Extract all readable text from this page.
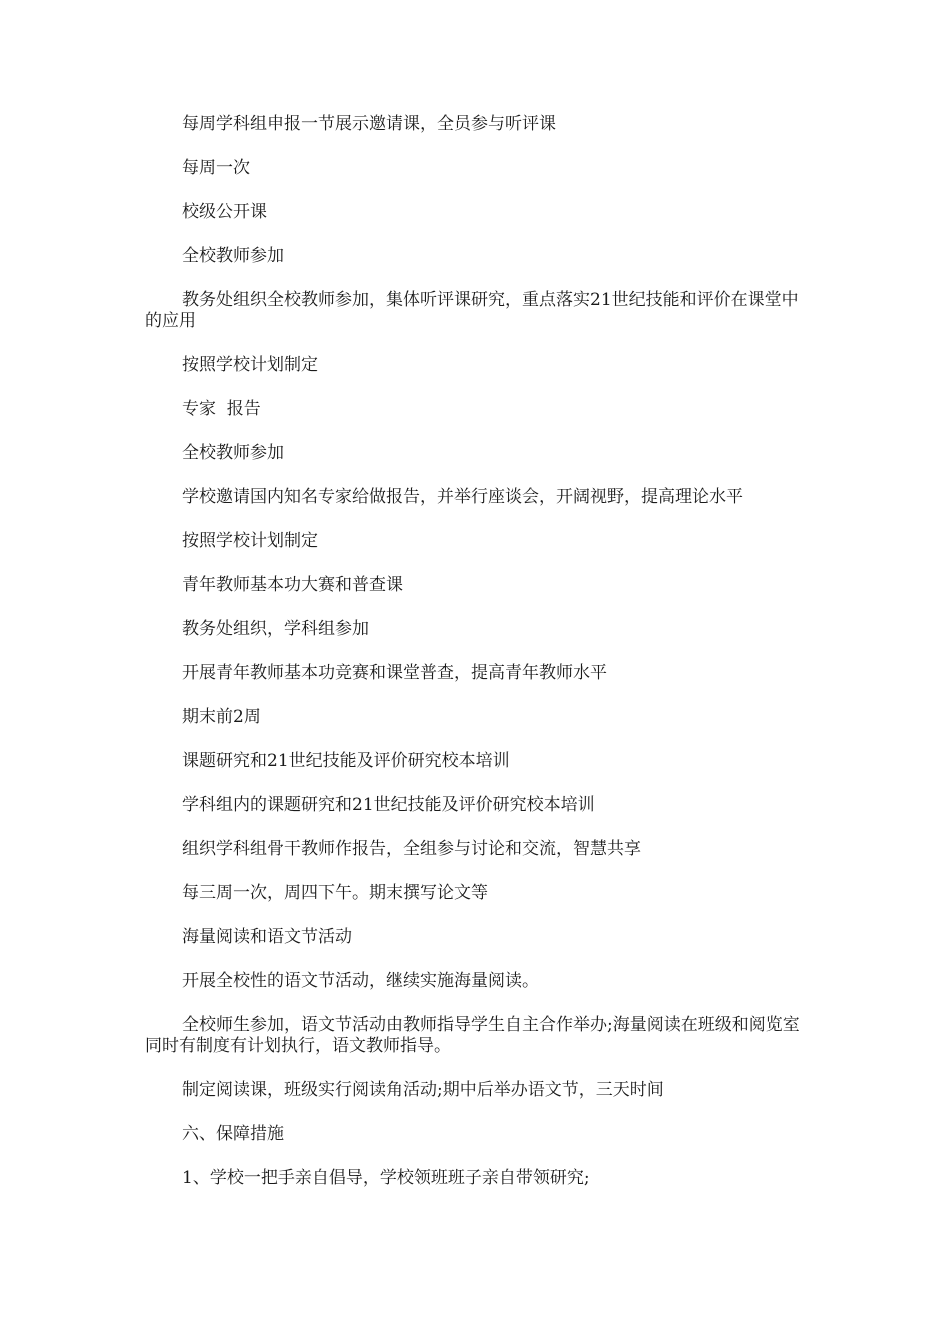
每周学科组申报一节展示邀请课，全员参与听评课

每周一次

校级公开课

全校教师参加

教务处组织全校教师参加，集体听评课研究，重点落实21世纪技能和评价在课堂中的应用

按照学校计划制定

专家  报告

全校教师参加

学校邀请国内知名专家给做报告，并举行座谈会，开阔视野，提高理论水平

按照学校计划制定

青年教师基本功大赛和普查课

教务处组织，学科组参加

开展青年教师基本功竞赛和课堂普查，提高青年教师水平

期末前2周

课题研究和21世纪技能及评价研究校本培训

学科组内的课题研究和21世纪技能及评价研究校本培训

组织学科组骨干教师作报告，全组参与讨论和交流，智慧共享

每三周一次，周四下午。期末撰写论文等

海量阅读和语文节活动

开展全校性的语文节活动，继续实施海量阅读。

全校师生参加，语文节活动由教师指导学生自主合作举办;海量阅读在班级和阅览室同时有制度有计划执行，语文教师指导。

制定阅读课，班级实行阅读角活动;期中后举办语文节，三天时间

六、保障措施

1、学校一把手亲自倡导，学校领班班子亲自带领研究;
